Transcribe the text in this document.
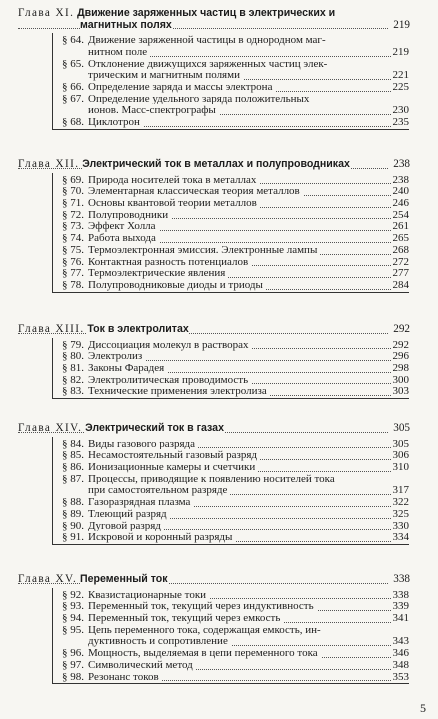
Глава XI. Движение заряженных частиц в электрических и
магнитных полях	219
§ 64. Движение заряженной частицы в однородном маг-
нитном поле	219
§ 65. Отклонение движущихся заряженных частиц элек-
трическим и магнитным полями	221
§ 66. Определение заряда и массы электрона	225
§ 67. Определение удельного заряда положительных
ионов. Масс-спектрографы	230
§ 68. Циклотрон	235
Глава XII. Электрический ток в металлах и полупроводниках	238
§ 69. Природа носителей тока в металлах	238
§ 70. Элементарная классическая теория металлов	240
§ 71. Основы квантовой теории металлов	246
§ 72. Полупроводники	254
§ 73. Эффект Холла	261
§ 74. Работа выхода	265
§ 75. Термоэлектронная эмиссия. Электронные лампы	268
§ 76. Контактная разность потенциалов	272
§ 77. Термоэлектрические явления	277
§ 78. Полупроводниковые диоды и триоды	284
Глава XIII. Ток в электролитах	292
§ 79. Диссоциация молекул в растворах	292
§ 80. Электролиз	296
§ 81. Законы Фарадея	298
§ 82. Электролитическая проводимость	300
§ 83. Технические применения электролиза	303
Глава XIV. Электрический ток в газах	305
§ 84. Виды газового разряда	305
§ 85. Несамостоятельный газовый разряд	306
§ 86. Ионизационные камеры и счетчики	310
§ 87. Процессы, приводящие к появлению носителей тока
при самостоятельном разряде	317
§ 88. Газоразрядная плазма	322
§ 89. Тлеющий разряд	325
§ 90. Дуговой разряд	330
§ 91. Искровой и коронный разряды	334
Глава XV. Переменный ток	338
§ 92. Квазистационарные токи	338
§ 93. Переменный ток, текущий через индуктивность	339
§ 94. Переменный ток, текущий через емкость	341
§ 95. Цепь переменного тока, содержащая емкость, ин-
дуктивность и сопротивление	343
§ 96. Мощность, выделяемая в цепи переменного тока	346
§ 97. Символический метод	348
§ 98. Резонанс токов	353
5
